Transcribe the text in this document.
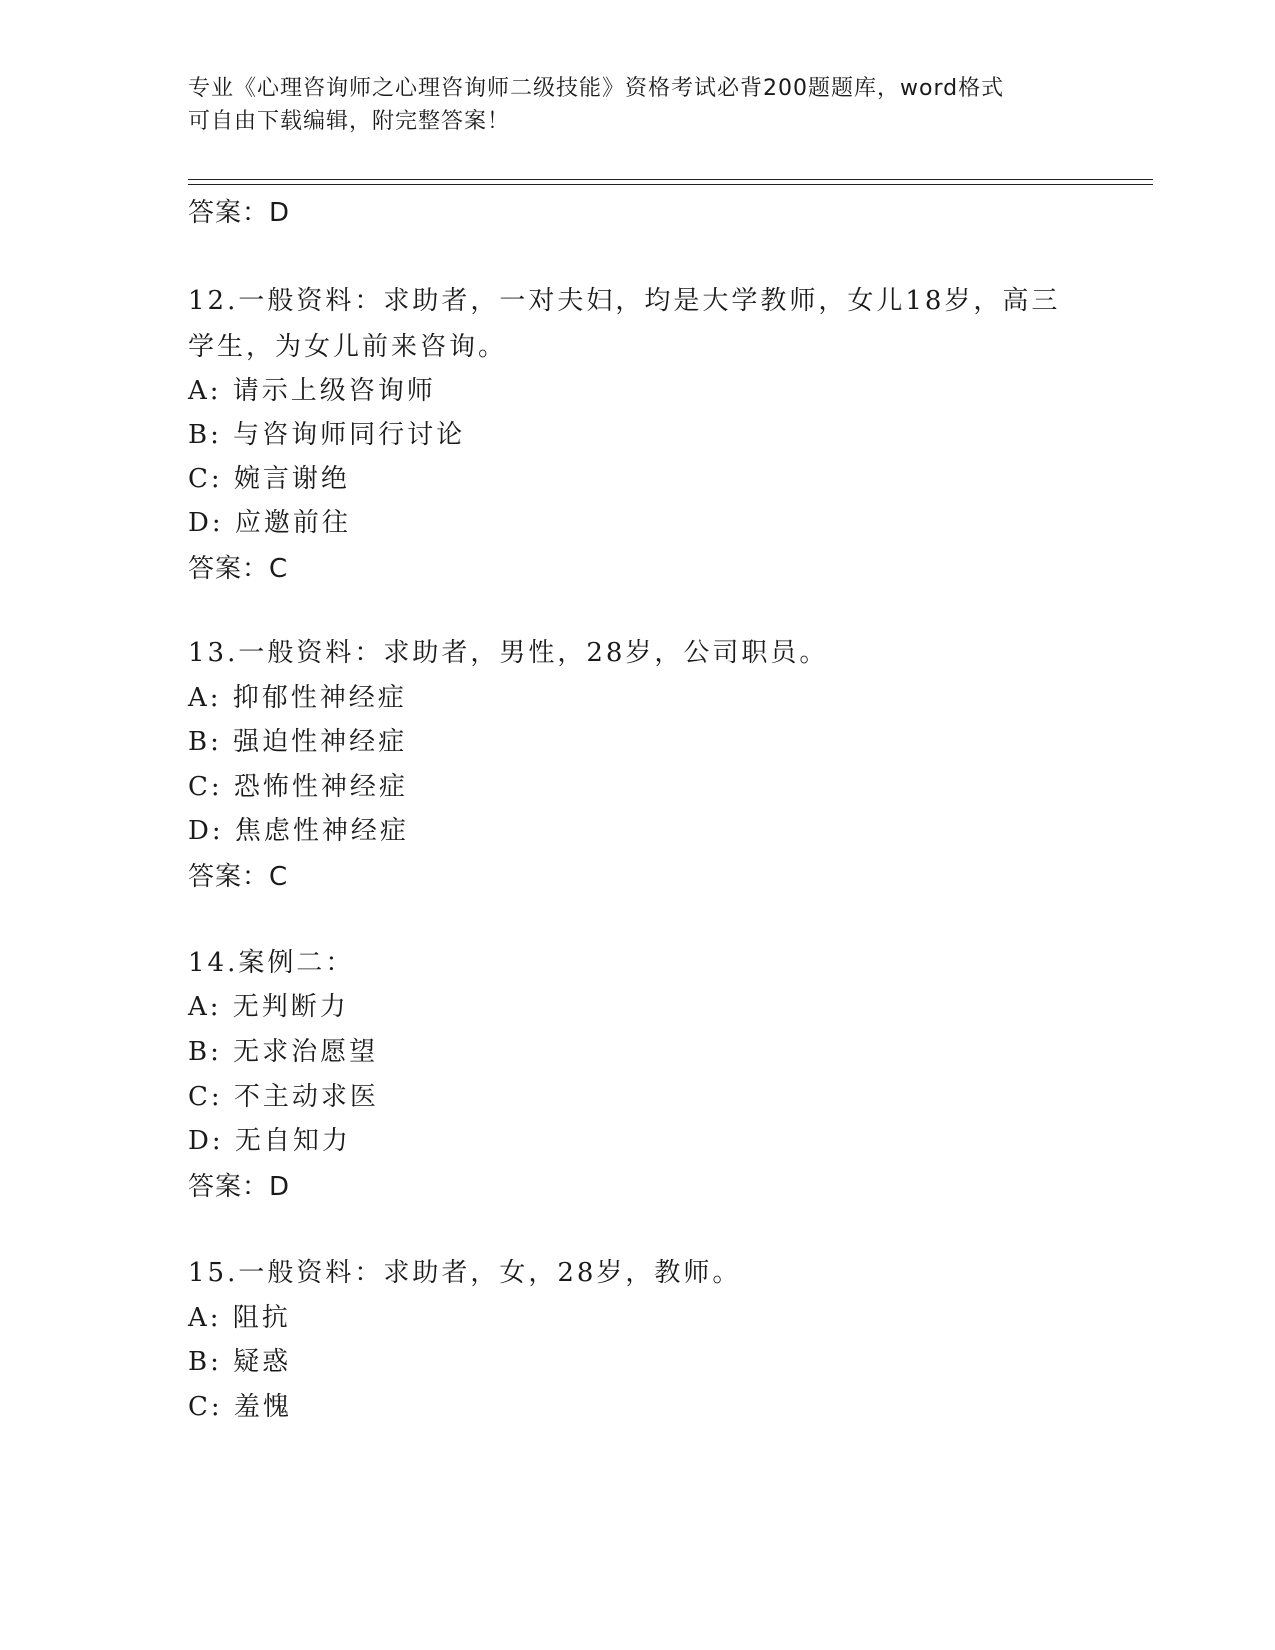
专业《心理咨询师之心理咨询师二级技能》资格考试必背200题题库，word格式
可自由下载编辑，附完整答案！
答案：D
12.一般资料：求助者，一对夫妇，均是大学教师，女儿18岁，高三
学生，为女儿前来咨询。
A: 请示上级咨询师
B: 与咨询师同行讨论
C: 婉言谢绝
D: 应邀前往
答案：C
13.一般资料：求助者，男性，28岁，公司职员。
A: 抑郁性神经症
B: 强迫性神经症
C: 恐怖性神经症
D: 焦虑性神经症
答案：C
14.案例二：
A: 无判断力
B: 无求治愿望
C: 不主动求医
D: 无自知力
答案：D
15.一般资料：求助者，女，28岁，教师。
A: 阻抗
B: 疑惑
C: 羞愧
